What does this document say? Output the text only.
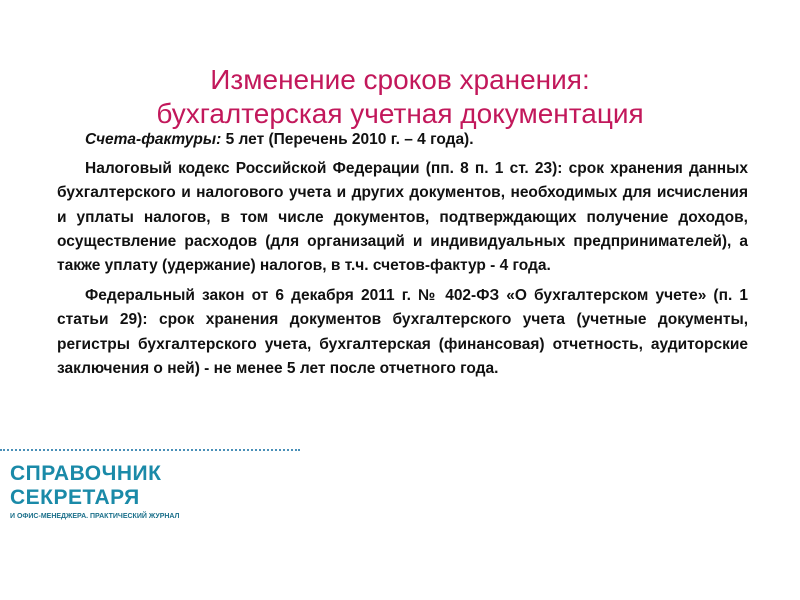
Изменение сроков хранения:
бухгалтерская учетная документация

Счета-фактуры: 5 лет (Перечень 2010 г. – 4 года).

Налоговый кодекс Российской Федерации (пп. 8 п. 1 ст. 23): срок хранения данных бухгалтерского и налогового учета и других документов, необходимых для исчисления и уплаты налогов, в том числе документов, подтверждающих получение доходов, осуществление расходов (для организаций и индивидуальных предпринимателей), а также уплату (удержание) налогов, в т.ч. счетов-фактур - 4 года.

Федеральный закон от 6 декабря 2011 г. № 402-ФЗ «О бухгалтерском учете» (п. 1 статьи 29): срок хранения документов бухгалтерского учета (учетные документы, регистры бухгалтерского учета, бухгалтерская (финансовая) отчетность, аудиторские заключения о ней) - не менее 5 лет после отчетного года.

СПРАВОЧНИК
СЕКРЕТАРЯ
И ОФИС-МЕНЕДЖЕРА. ПРАКТИЧЕСКИЙ ЖУРНАЛ
